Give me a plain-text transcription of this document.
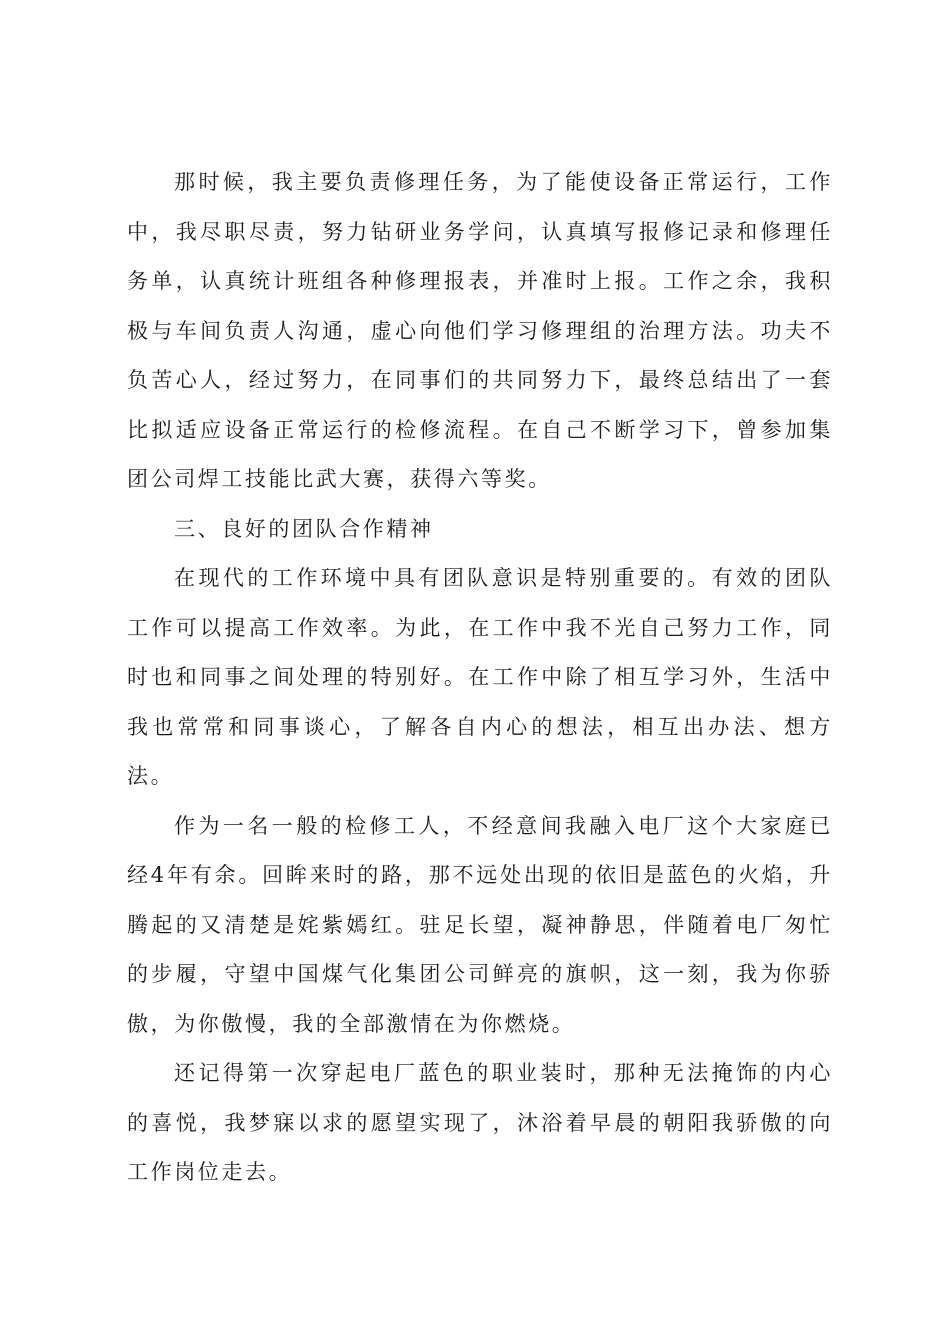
那时候，我主要负责修理任务，为了能使设备正常运行，工作中，我尽职尽责，努力钻研业务学问，认真填写报修记录和修理任务单，认真统计班组各种修理报表，并准时上报。工作之余，我积极与车间负责人沟通，虚心向他们学习修理组的治理方法。功夫不负苦心人，经过努力，在同事们的共同努力下，最终总结出了一套比拟适应设备正常运行的检修流程。在自己不断学习下，曾参加集团公司焊工技能比武大赛，获得六等奖。

三、良好的团队合作精神

在现代的工作环境中具有团队意识是特别重要的。有效的团队工作可以提高工作效率。为此，在工作中我不光自己努力工作，同时也和同事之间处理的特别好。在工作中除了相互学习外，生活中我也常常和同事谈心，了解各自内心的想法，相互出办法、想方法。

作为一名一般的检修工人，不经意间我融入电厂这个大家庭已经4年有余。回眸来时的路，那不远处出现的依旧是蓝色的火焰，升腾起的又清楚是姹紫嫣红。驻足长望，凝神静思，伴随着电厂匆忙的步履，守望中国煤气化集团公司鲜亮的旗帜，这一刻，我为你骄傲，为你傲慢，我的全部激情在为你燃烧。

还记得第一次穿起电厂蓝色的职业装时，那种无法掩饰的内心的喜悦，我梦寐以求的愿望实现了，沐浴着早晨的朝阳我骄傲的向工作岗位走去。
